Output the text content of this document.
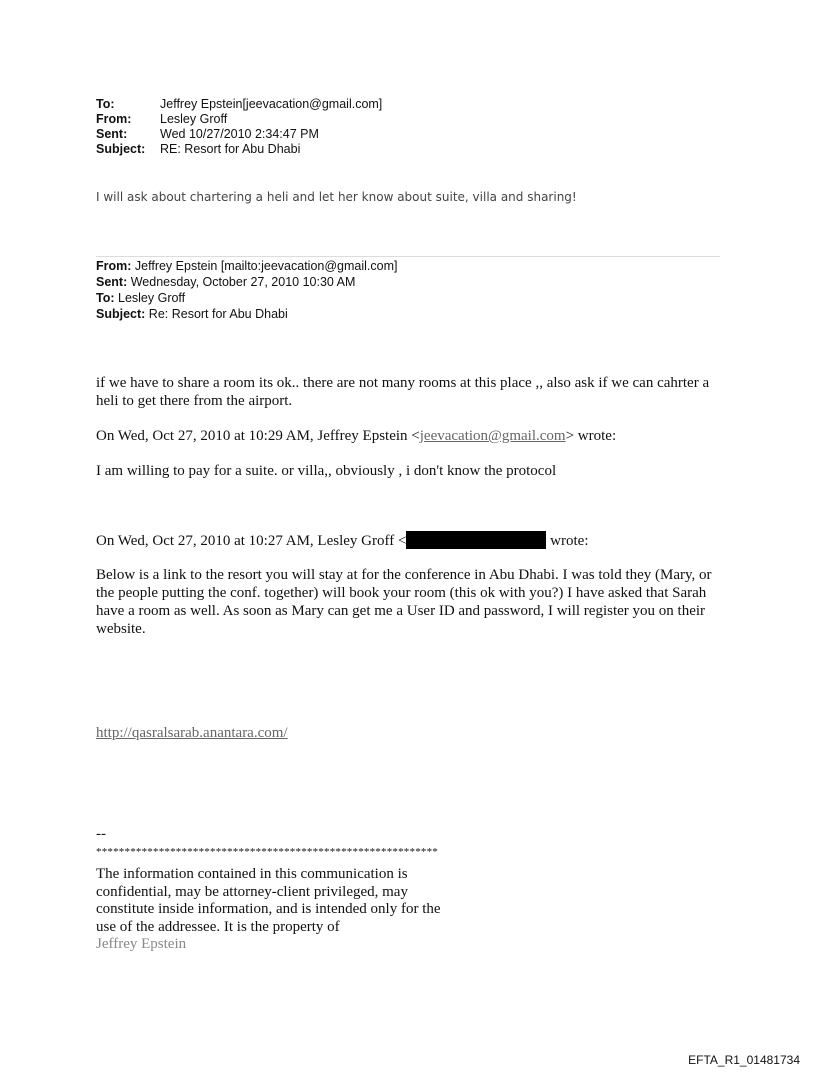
To:	Jeffrey Epstein[jeevacation@gmail.com]
From:	Lesley Groff
Sent:	Wed 10/27/2010 2:34:47 PM
Subject:	RE: Resort for Abu Dhabi
I will ask about chartering a heli and let her know about suite, villa and sharing!
From: Jeffrey Epstein [mailto:jeevacation@gmail.com]
Sent: Wednesday, October 27, 2010 10:30 AM
To: Lesley Groff
Subject: Re: Resort for Abu Dhabi

if we have to share a room its ok.. there are not many rooms at this place ,, also ask if we can cahrter a heli to get there from the airport.

On Wed, Oct 27, 2010 at 10:29 AM, Jeffrey Epstein <jeevacation@gmail.com> wrote:

I am willing to pay for a suite. or villa,, obviously , i don't know the protocol

On Wed, Oct 27, 2010 at 10:27 AM, Lesley Groff <	wrote:

Below is a link to the resort you will stay at for the conference in Abu Dhabi. I was told they (Mary, or the people putting the conf. together) will book your room (this ok with you?) I have asked that Sarah have a room as well. As soon as Mary can get me a User ID and password, I will register you on their website.

http://qasralsarab.anantara.com/
--
************************************************************
The information contained in this communication is confidential, may be attorney-client privileged, may constitute inside information, and is intended only for the use of the addressee. It is the property of
Jeffrey Epstein
EFTA_R1_01481734
